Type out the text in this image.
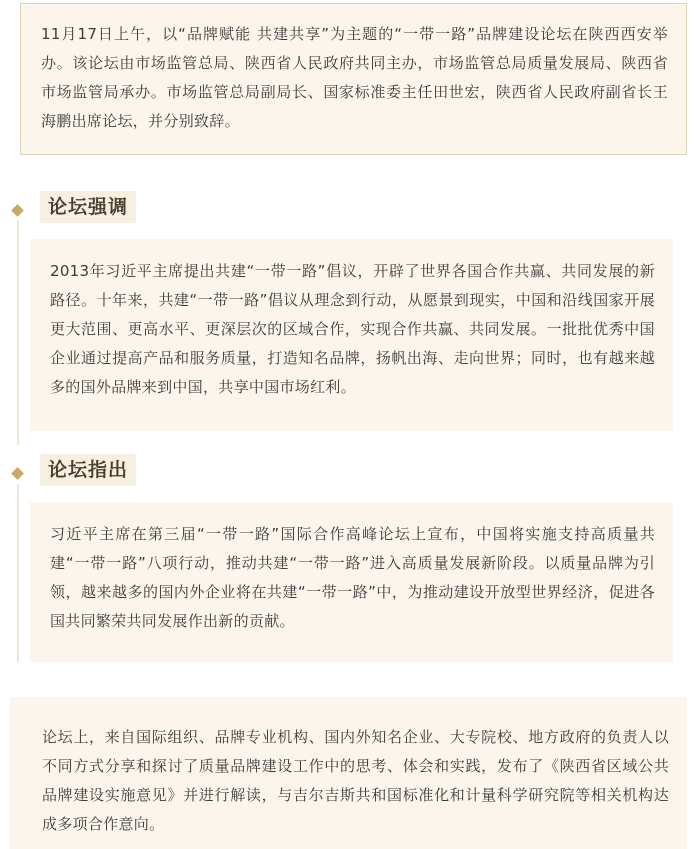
11月17日上午，以“品牌赋能 共建共享”为主题的“一带一路”品牌建设论坛在陕西西安举办。该论坛由市场监管总局、陕西省人民政府共同主办，市场监管总局质量发展局、陕西省市场监管局承办。市场监管总局副局长、国家标准委主任田世宏，陕西省人民政府副省长王海鹏出席论坛，并分别致辞。

论坛强调

2013年习近平主席提出共建“一带一路”倡议，开辟了世界各国合作共赢、共同发展的新路径。十年来，共建“一带一路”倡议从理念到行动，从愿景到现实，中国和沿线国家开展更大范围、更高水平、更深层次的区域合作，实现合作共赢、共同发展。一批批优秀中国企业通过提高产品和服务质量，打造知名品牌，扬帆出海、走向世界；同时，也有越来越多的国外品牌来到中国，共享中国市场红利。

论坛指出

习近平主席在第三届“一带一路”国际合作高峰论坛上宣布，中国将实施支持高质量共建“一带一路”八项行动，推动共建“一带一路”进入高质量发展新阶段。以质量品牌为引领，越来越多的国内外企业将在共建“一带一路”中，为推动建设开放型世界经济，促进各国共同繁荣共同发展作出新的贡献。

论坛上，来自国际组织、品牌专业机构、国内外知名企业、大专院校、地方政府的负责人以不同方式分享和探讨了质量品牌建设工作中的思考、体会和实践，发布了《陕西省区域公共品牌建设实施意见》并进行解读，与吉尔吉斯共和国标准化和计量科学研究院等相关机构达成多项合作意向。
